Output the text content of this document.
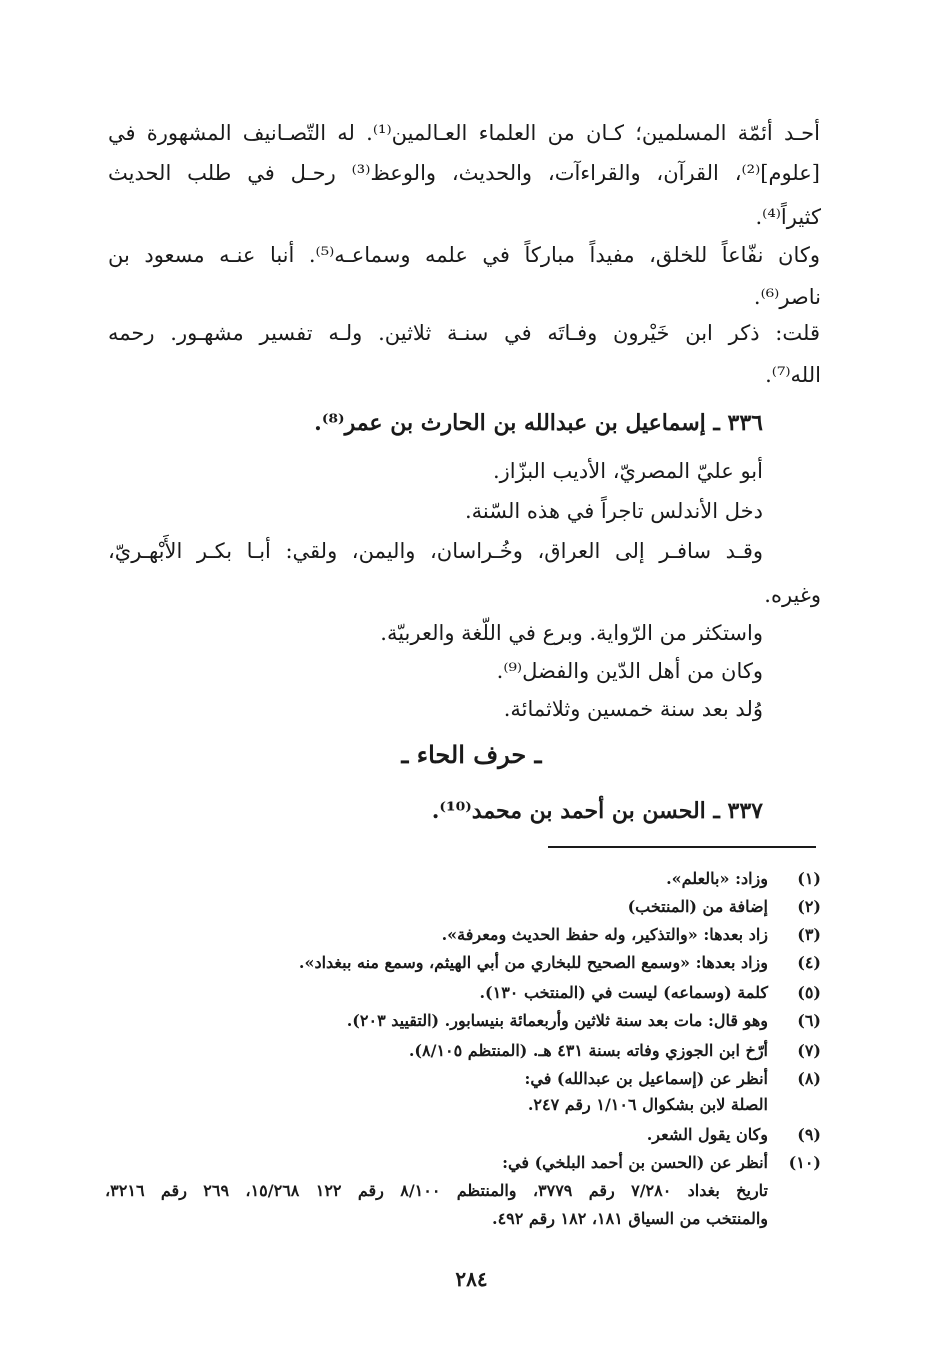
أحـد أئمّة المسلمين؛ كـان من العلماء العـالمين⁽¹⁾. له التّصـانيف المشهورة في
[علوم]⁽²⁾، القرآن، والقراءآت، والحديث، والوعظ⁽³⁾ رحـل في طلب الحديث
كثيراً⁽⁴⁾.
وكان نفّاعاً للخلق، مفيداً مباركاً في علمه وسماعـه⁽⁵⁾. أنبا عنـه مسعود بن
ناصر⁽⁶⁾.
قلت: ذكر ابن خَيْرون وفـاتَه في سنـة ثلاثين. ولـه تفسير مشهـور. رحمه
الله⁽⁷⁾.
٣٣٦ ـ إسماعيل بن عبدالله بن الحارث بن عمر⁽⁸⁾.
أبو عليّ المصريّ، الأديب البزّاز.
دخل الأندلس تاجراً في هذه السّنة.
وقـد سافـر إلى العراق، وخُـراسان، واليمن، ولقي: أبـا بكـر الأَبْهـريّ،
وغيره.
واستكثر من الرّواية. وبرع في اللّغة والعربيّة.
وكان من أهل الدّين والفضل⁽⁹⁾.
وُلد بعد سنة خمسين وثلاثمائة.
ـ حرف الحاء ـ
٣٣٧ ـ الحسن بن أحمد بن محمد⁽¹⁰⁾.
(١)
وزاد: «بالعلم».
(٢)
إضافة من (المنتخب)
(٣)
زاد بعدها: «والتذكير، وله حفظ الحديث ومعرفة».
(٤)
وزاد بعدها: «وسمع الصحيح للبخاري من أبي الهيثم، وسمع منه ببغداد».
(٥)
كلمة (وسماعه) ليست في (المنتخب ١٣٠).
(٦)
وهو قال: مات بعد سنة ثلاثين وأربعمائة بنيسابور. (التقييد ٢٠٣).
(٧)
أرّخ ابن الجوزي وفاته بسنة ٤٣١ هـ. (المنتظم ٨/١٠٥).
(٨)
أنظر عن (إسماعيل بن عبدالله) في:
الصلة لابن بشكوال ١/١٠٦ رقم ٢٤٧.
(٩)
وكان يقول الشعر.
(١٠)
أنظر عن (الحسن بن أحمد البلخي) في:
تاريخ بغداد ٧/٢٨٠ رقم ٣٧٧٩، والمنتظم ٨/١٠٠ رقم ١٢٢ ١٥/٢٦٨، ٢٦٩ رقم ٣٢١٦،
والمنتخب من السياق ١٨١، ١٨٢ رقم ٤٩٢.
٢٨٤
